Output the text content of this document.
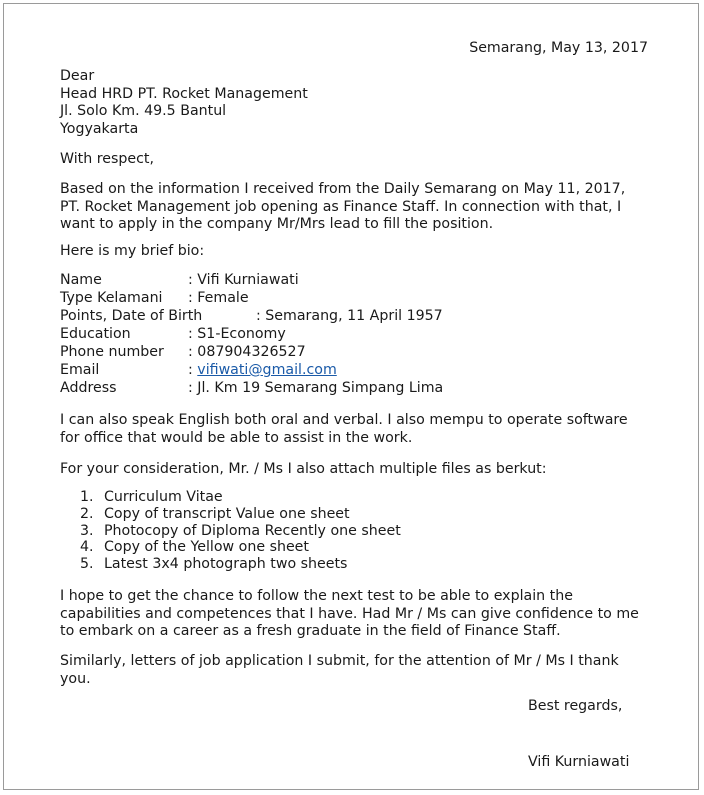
Semarang, May 13, 2017
Dear
Head HRD PT. Rocket Management
Jl. Solo Km. 49.5 Bantul
Yogyakarta
With respect,
Based on the information I received from the Daily Semarang on May 11, 2017,
PT. Rocket Management job opening as Finance Staff. In connection with that, I
want to apply in the company Mr/Mrs lead to fill the position.
Here is my brief bio:
Name	: Vifi Kurniawati
Type Kelamani : Female
Points, Date of Birth	: Semarang, 11 April 1957
Education	: S1-Economy
Phone number : 087904326527
Email	: vifiwati@gmail.com
Address	: Jl. Km 19 Semarang Simpang Lima
I can also speak English both oral and verbal. I also mempu to operate software
for office that would be able to assist in the work.
For your consideration, Mr. / Ms I also attach multiple files as berkut:
1. Curriculum Vitae
2. Copy of transcript Value one sheet
3. Photocopy of Diploma Recently one sheet
4. Copy of the Yellow one sheet
5. Latest 3x4 photograph two sheets
I hope to get the chance to follow the next test to be able to explain the
capabilities and competences that I have. Had Mr / Ms can give confidence to me
to embark on a career as a fresh graduate in the field of Finance Staff.
Similarly, letters of job application I submit, for the attention of Mr / Ms I thank
you.
Best regards,
Vifi Kurniawati
